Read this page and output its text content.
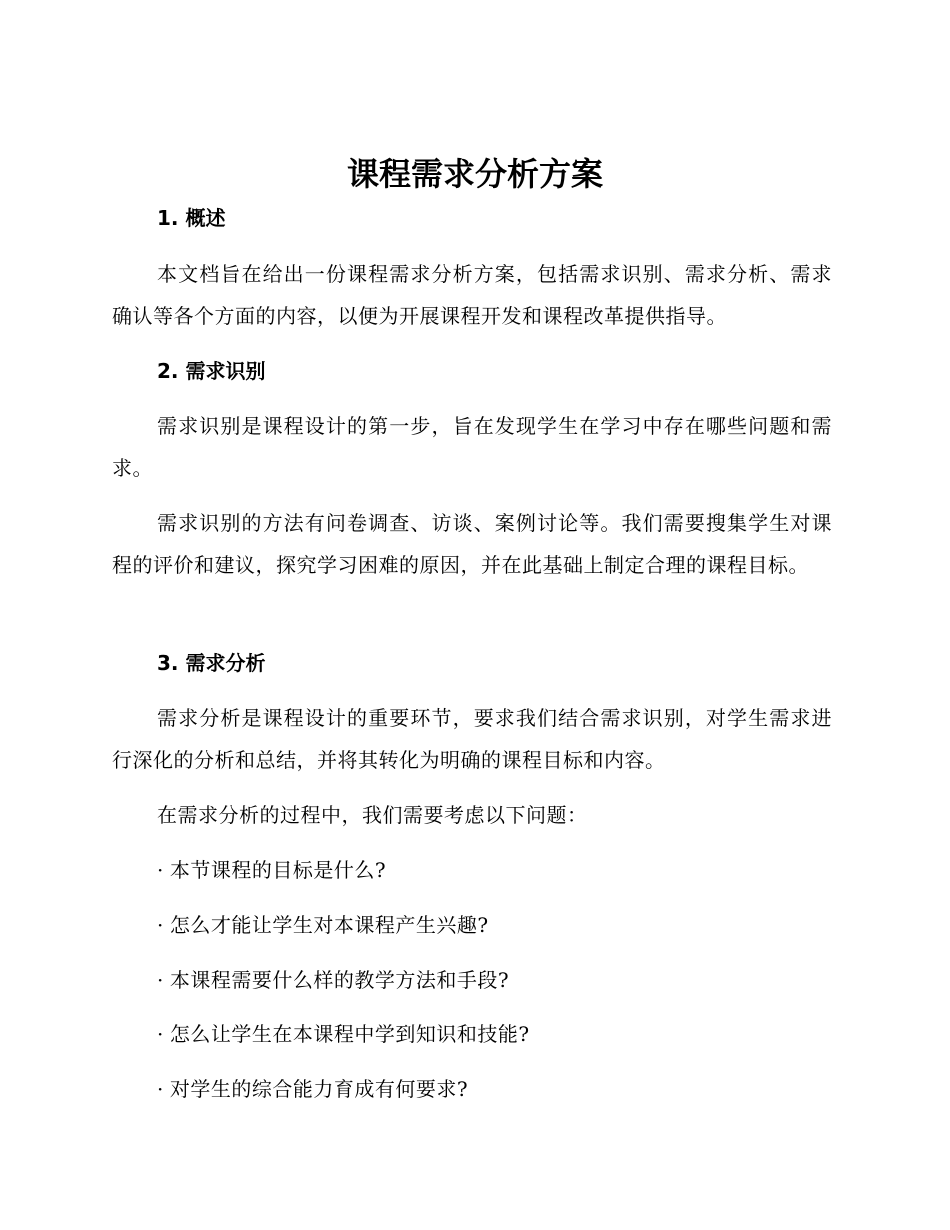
课程需求分析方案
1. 概述

本文档旨在给出一份课程需求分析方案，包括需求识别、需求分析、需求确认等各个方面的内容，以便为开展课程开发和课程改革提供指导。

2. 需求识别

需求识别是课程设计的第一步，旨在发现学生在学习中存在哪些问题和需求。

需求识别的方法有问卷调查、访谈、案例讨论等。我们需要搜集学生对课程的评价和建议，探究学习困难的原因，并在此基础上制定合理的课程目标。

3. 需求分析

需求分析是课程设计的重要环节，要求我们结合需求识别，对学生需求进行深化的分析和总结，并将其转化为明确的课程目标和内容。

在需求分析的过程中，我们需要考虑以下问题：

· 本节课程的目标是什么?

· 怎么才能让学生对本课程产生兴趣?

· 本课程需要什么样的教学方法和手段?

· 怎么让学生在本课程中学到知识和技能?

· 对学生的综合能力育成有何要求?
